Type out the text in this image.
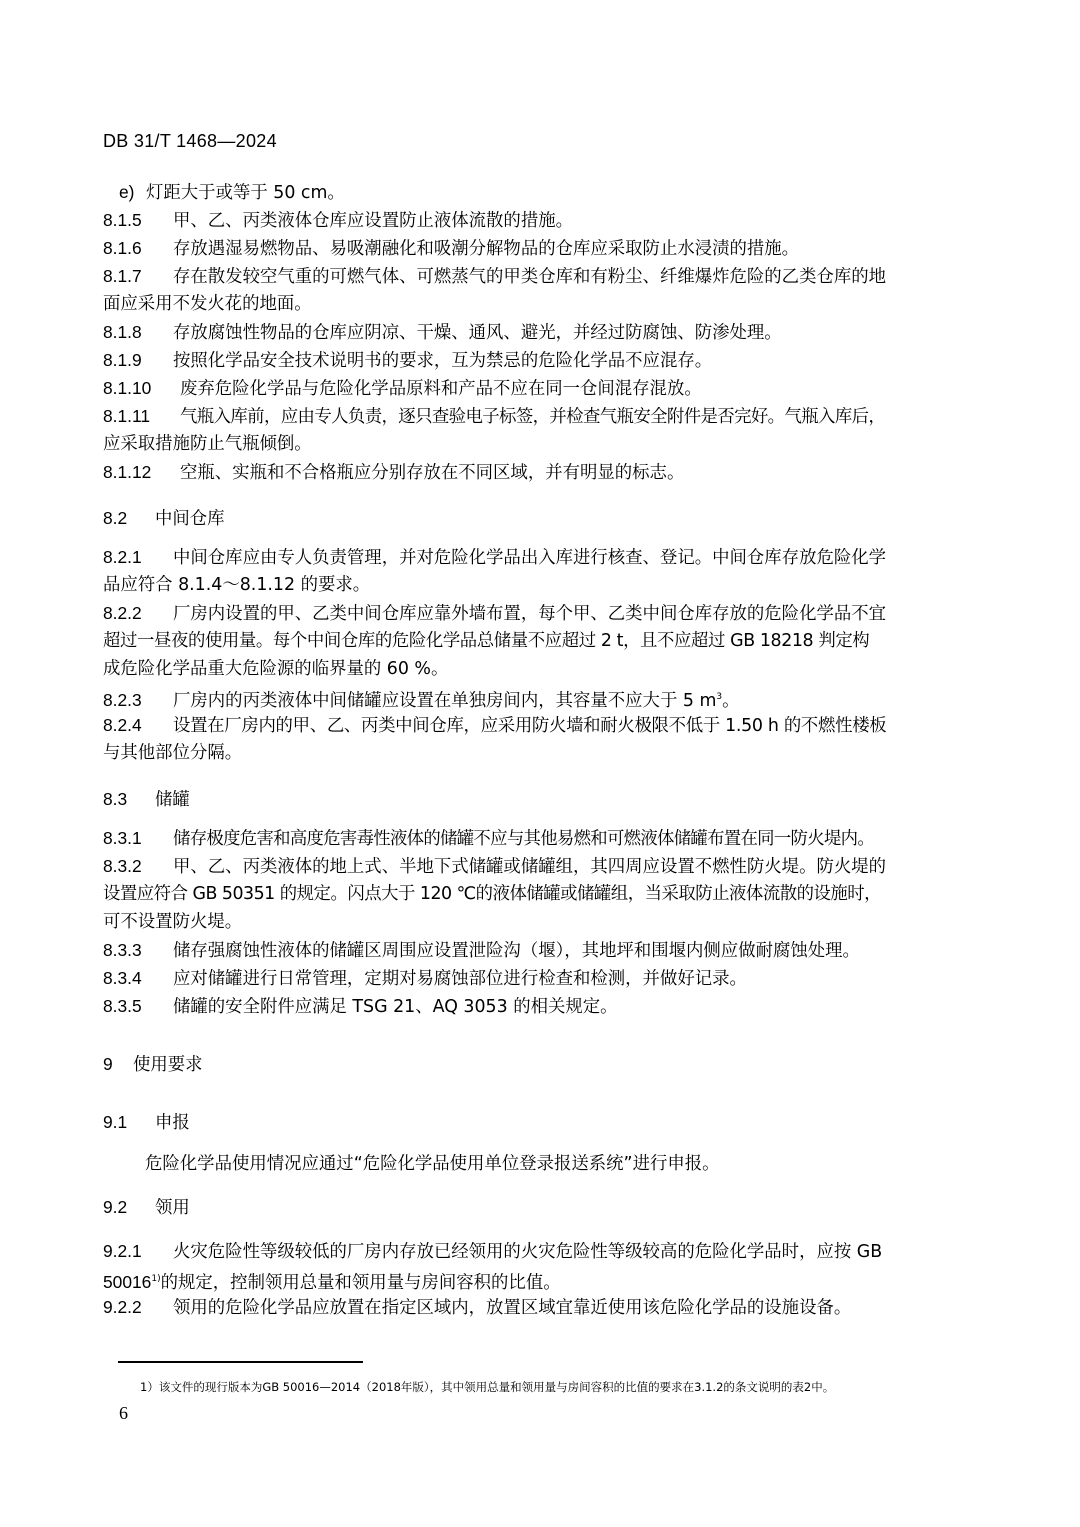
DB 31/T 1468—2024
e) 灯距大于或等于 50 cm。
8.1.5 甲、乙、丙类液体仓库应设置防止液体流散的措施。
8.1.6 存放遇湿易燃物品、易吸潮融化和吸潮分解物品的仓库应采取防止水浸渍的措施。
8.1.7 存在散发较空气重的可燃气体、可燃蒸气的甲类仓库和有粉尘、纤维爆炸危险的乙类仓库的地
面应采用不发火花的地面。
8.1.8 存放腐蚀性物品的仓库应阴凉、干燥、通风、避光，并经过防腐蚀、防渗处理。
8.1.9 按照化学品安全技术说明书的要求，互为禁忌的危险化学品不应混存。
8.1.10 废弃危险化学品与危险化学品原料和产品不应在同一仓间混存混放。
8.1.11 气瓶入库前，应由专人负责，逐只查验电子标签，并检查气瓶安全附件是否完好。气瓶入库后，
应采取措施防止气瓶倾倒。
8.1.12 空瓶、实瓶和不合格瓶应分别存放在不同区域，并有明显的标志。
8.2 中间仓库
8.2.1 中间仓库应由专人负责管理，并对危险化学品出入库进行核查、登记。中间仓库存放危险化学
品应符合 8.1.4～8.1.12 的要求。
8.2.2 厂房内设置的甲、乙类中间仓库应靠外墙布置，每个甲、乙类中间仓库存放的危险化学品不宜
超过一昼夜的使用量。每个中间仓库的危险化学品总储量不应超过 2 t，且不应超过 GB 18218 判定构
成危险化学品重大危险源的临界量的 60 %。
8.2.3 厂房内的丙类液体中间储罐应设置在单独房间内，其容量不应大于 5 $m^3$。
8.2.4 设置在厂房内的甲、乙、丙类中间仓库，应采用防火墙和耐火极限不低于 1.50 h 的不燃性楼板
与其他部位分隔。
8.3 储罐
8.3.1 储存极度危害和高度危害毒性液体的储罐不应与其他易燃和可燃液体储罐布置在同一防火堤内。
8.3.2 甲、乙、丙类液体的地上式、半地下式储罐或储罐组，其四周应设置不燃性防火堤。防火堤的
设置应符合 GB 50351 的规定。闪点大于 120 ℃的液体储罐或储罐组，当采取防止液体流散的设施时，
可不设置防火堤。
8.3.3 储存强腐蚀性液体的储罐区周围应设置泄险沟（堰），其地坪和围堰内侧应做耐腐蚀处理。
8.3.4 应对储罐进行日常管理，定期对易腐蚀部位进行检查和检测，并做好记录。
8.3.5 储罐的安全附件应满足 TSG 21、AQ 3053 的相关规定。
9 使用要求
9.1 申报
危险化学品使用情况应通过“危险化学品使用单位登录报送系统”进行申报。
9.2 领用
9.2.1 火灾危险性等级较低的厂房内存放已经领用的火灾危险性等级较高的危险化学品时，应按 GB
50016$^{1)}$的规定，控制领用总量和领用量与房间容积的比值。
9.2.2 领用的危险化学品应放置在指定区域内，放置区域宜靠近使用该危险化学品的设施设备。
1）该文件的现行版本为GB 50016—2014（2018年版），其中领用总量和领用量与房间容积的比值的要求在3.1.2的条文说明的表2中。
6
